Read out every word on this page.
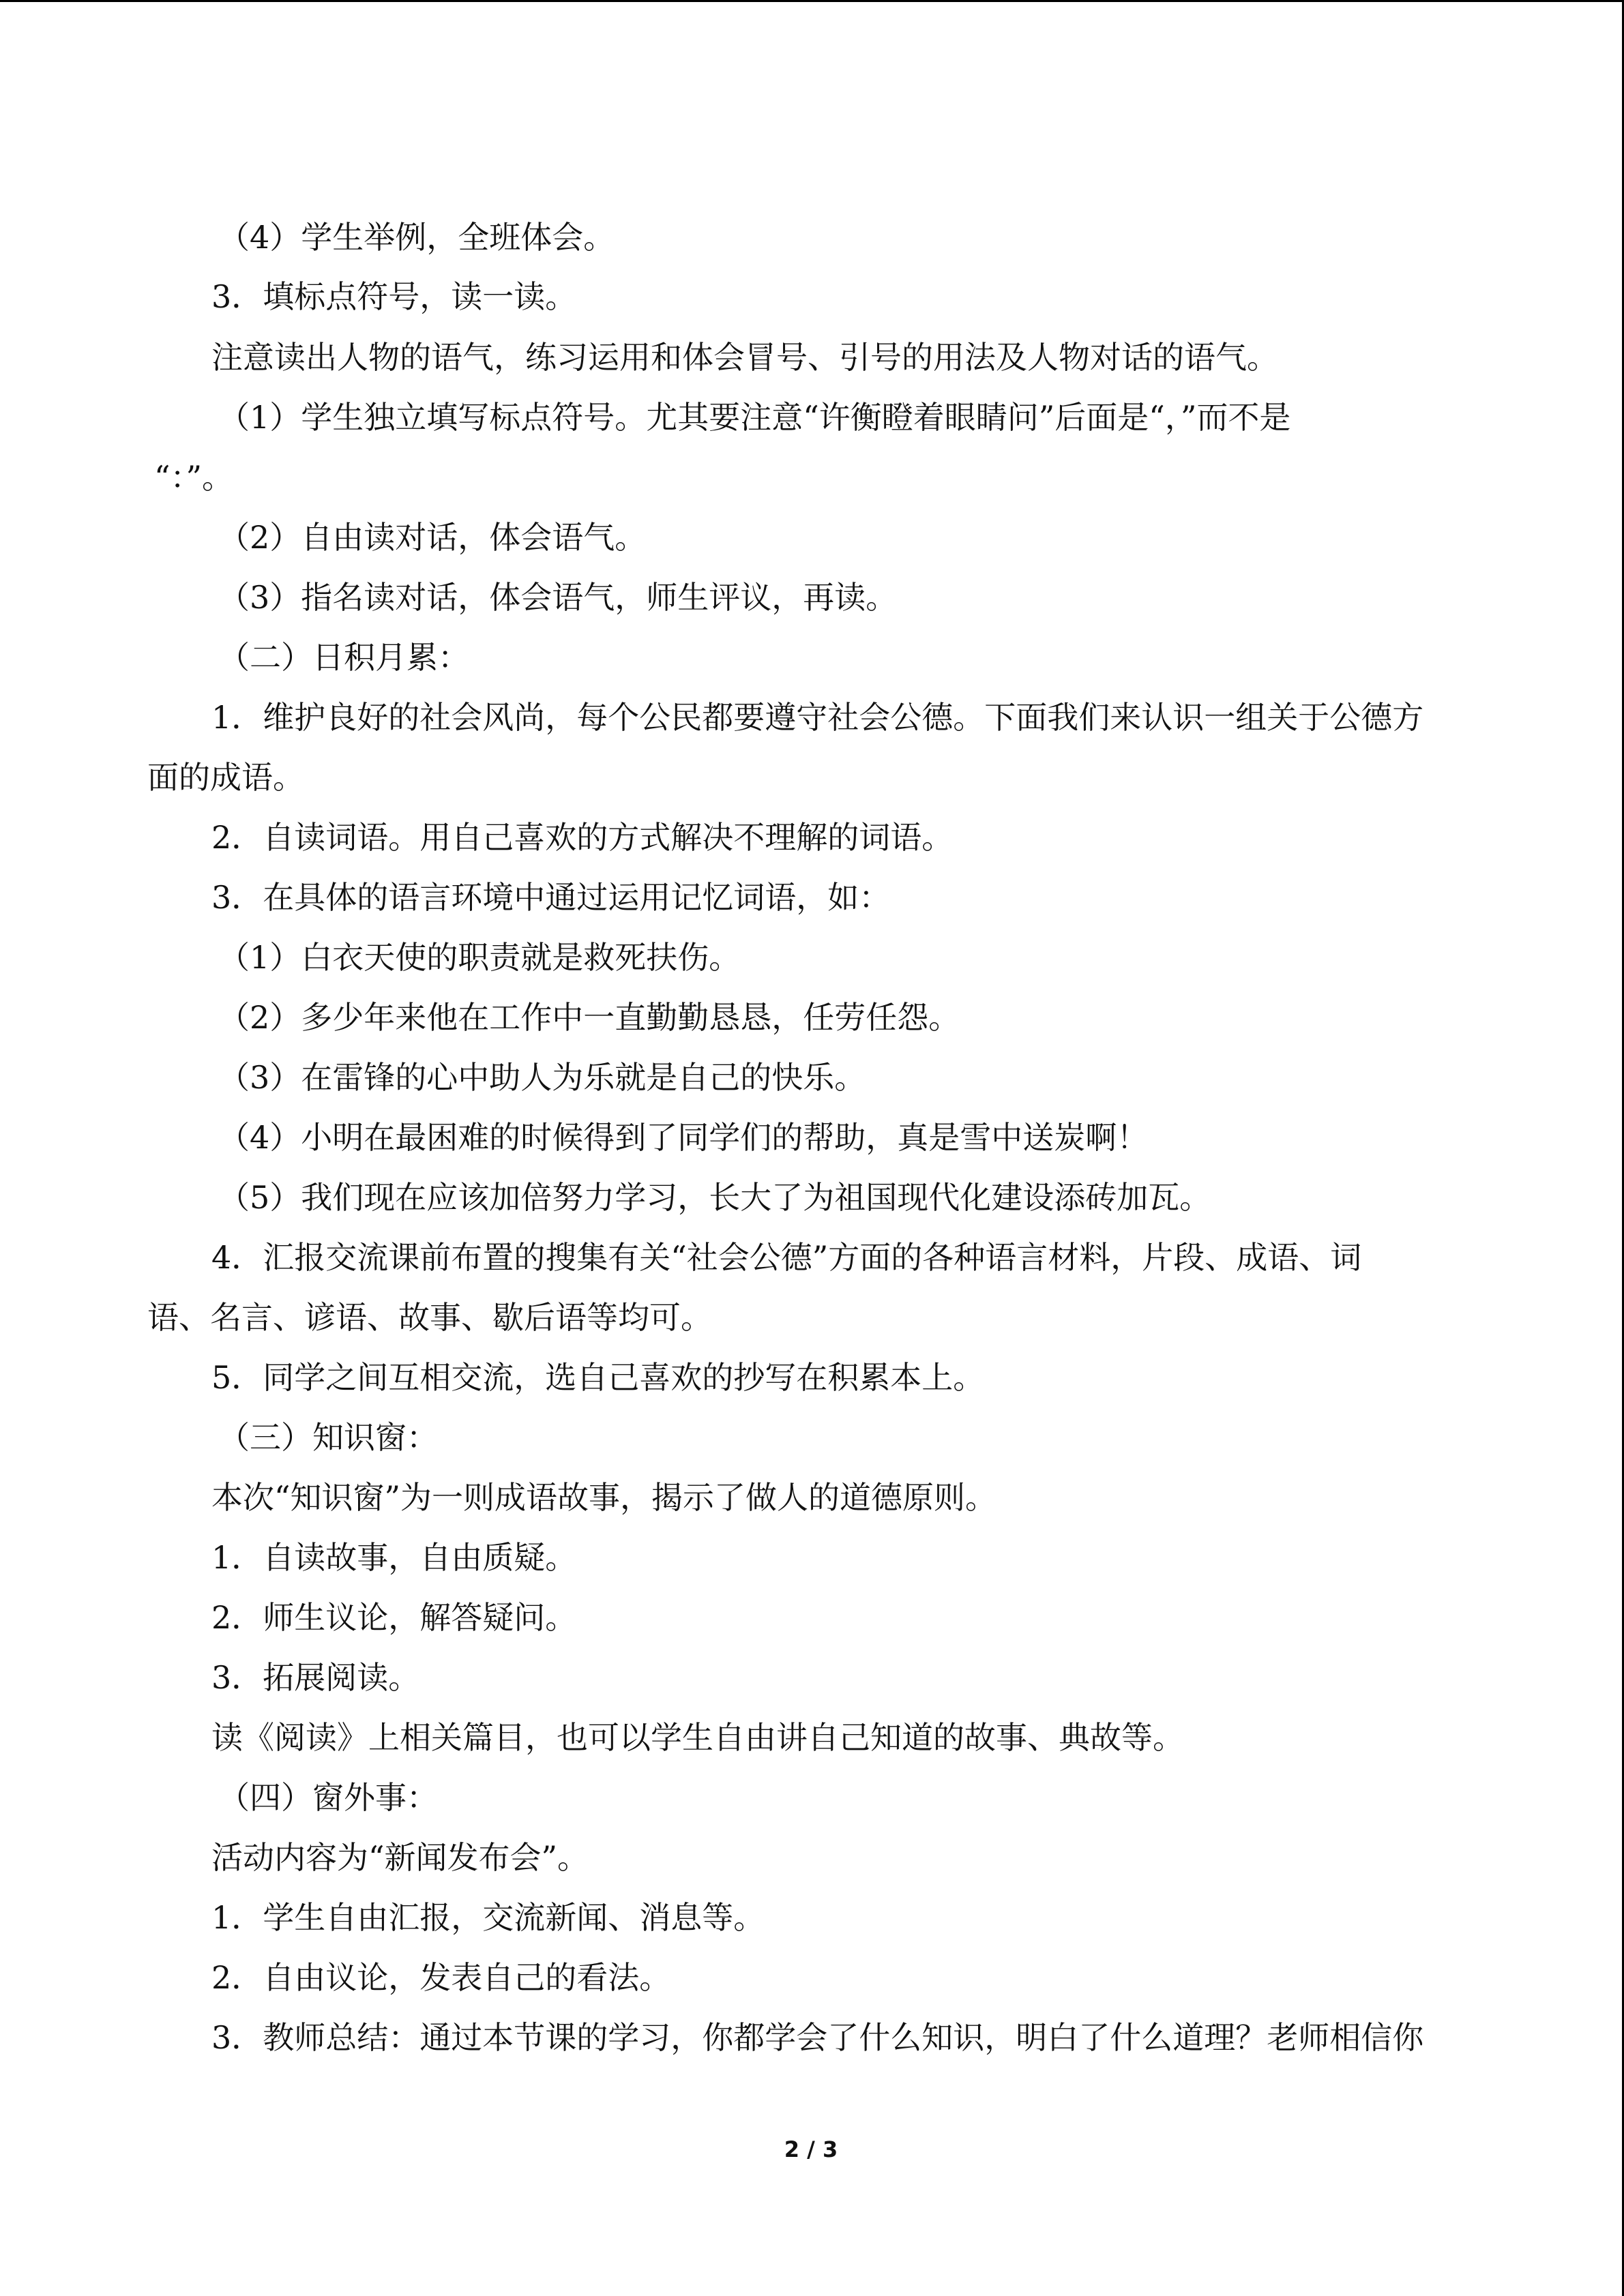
（4）学生举例，全班体会。

3．填标点符号，读一读。

注意读出人物的语气，练习运用和体会冒号、引号的用法及人物对话的语气。

（1）学生独立填写标点符号。尤其要注意“许衡瞪着眼睛问”后面是“，”而不是

“：”。

（2）自由读对话，体会语气。

（3）指名读对话，体会语气，师生评议，再读。

（二）日积月累：

1．维护良好的社会风尚，每个公民都要遵守社会公德。下面我们来认识一组关于公德方

面的成语。

2．自读词语。用自己喜欢的方式解决不理解的词语。

3．在具体的语言环境中通过运用记忆词语，如：

（1）白衣天使的职责就是救死扶伤。

（2）多少年来他在工作中一直勤勤恳恳，任劳任怨。

（3）在雷锋的心中助人为乐就是自己的快乐。

（4）小明在最困难的时候得到了同学们的帮助，真是雪中送炭啊！

（5）我们现在应该加倍努力学习，长大了为祖国现代化建设添砖加瓦。

4．汇报交流课前布置的搜集有关“社会公德”方面的各种语言材料，片段、成语、词

语、名言、谚语、故事、歇后语等均可。

5．同学之间互相交流，选自己喜欢的抄写在积累本上。

（三）知识窗：

本次“知识窗”为一则成语故事，揭示了做人的道德原则。

1．自读故事，自由质疑。

2．师生议论，解答疑问。

3．拓展阅读。

读《阅读》上相关篇目，也可以学生自由讲自己知道的故事、典故等。

（四）窗外事：

活动内容为“新闻发布会”。

1．学生自由汇报，交流新闻、消息等。

2．自由议论，发表自己的看法。

3．教师总结：通过本节课的学习，你都学会了什么知识，明白了什么道理？老师相信你

2 / 3
